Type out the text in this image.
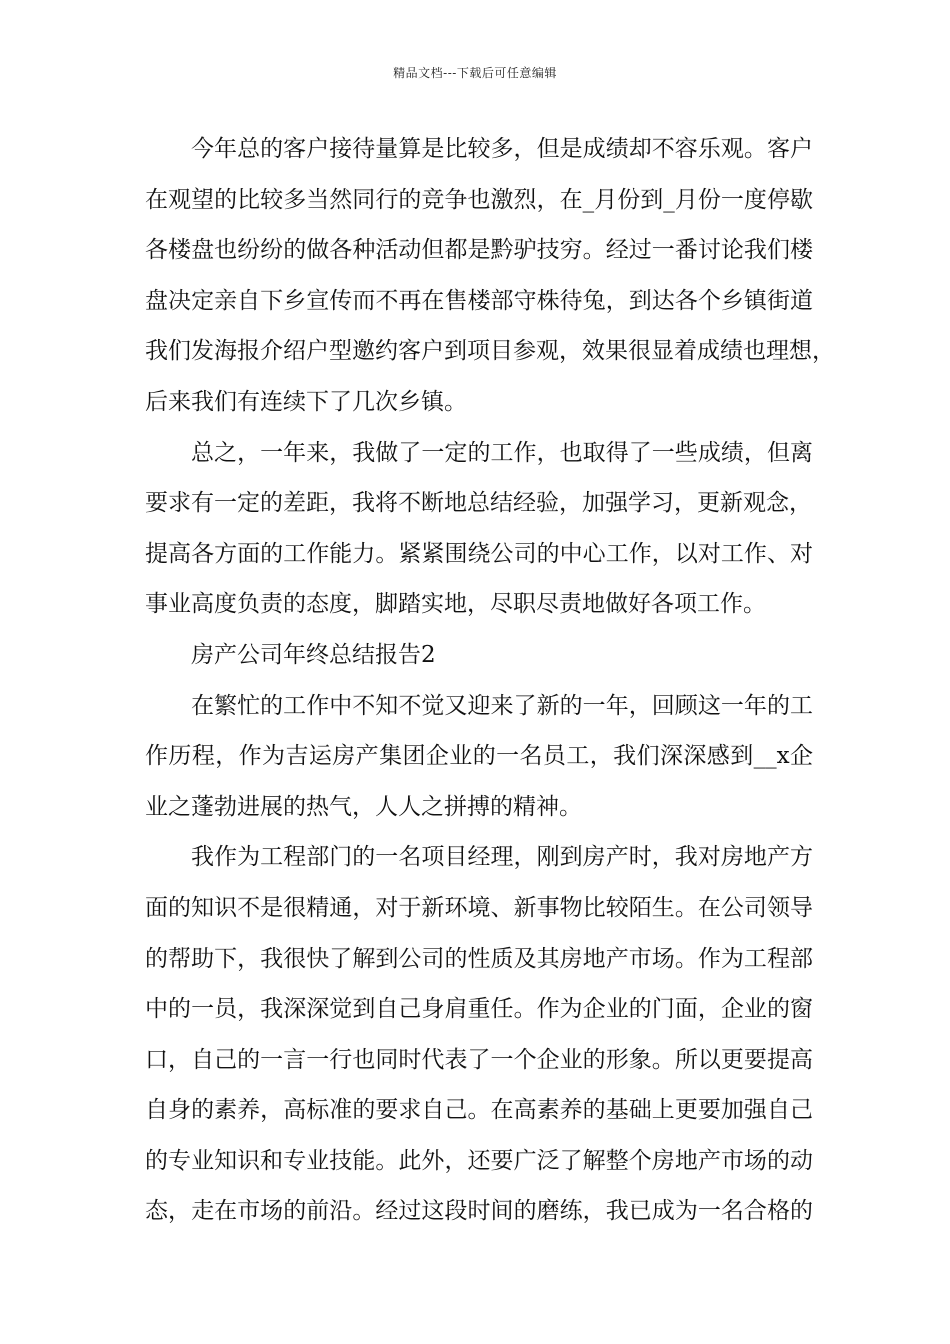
精品文档---下载后可任意编辑
今年总的客户接待量算是比较多，但是成绩却不容乐观。客户
在观望的比较多当然同行的竞争也激烈，在_月份到_月份一度停歇
各楼盘也纷纷的做各种活动但都是黔驴技穷。经过一番讨论我们楼
盘决定亲自下乡宣传而不再在售楼部守株待兔，到达各个乡镇街道
我们发海报介绍户型邀约客户到项目参观，效果很显着成绩也理想，
后来我们有连续下了几次乡镇。
总之，一年来，我做了一定的工作，也取得了一些成绩，但离
要求有一定的差距，我将不断地总结经验，加强学习，更新观念，
提高各方面的工作能力。紧紧围绕公司的中心工作，以对工作、对
事业高度负责的态度，脚踏实地，尽职尽责地做好各项工作。
房产公司年终总结报告2
在繁忙的工作中不知不觉又迎来了新的一年，回顾这一年的工
作历程，作为吉运房产集团企业的一名员工，我们深深感到__x企
业之蓬勃进展的热气，人人之拼搏的精神。
我作为工程部门的一名项目经理，刚到房产时，我对房地产方
面的知识不是很精通，对于新环境、新事物比较陌生。在公司领导
的帮助下，我很快了解到公司的性质及其房地产市场。作为工程部
中的一员，我深深觉到自己身肩重任。作为企业的门面，企业的窗
口，自己的一言一行也同时代表了一个企业的形象。所以更要提高
自身的素养，高标准的要求自己。在高素养的基础上更要加强自己
的专业知识和专业技能。此外，还要广泛了解整个房地产市场的动
态，走在市场的前沿。经过这段时间的磨练，我已成为一名合格的
